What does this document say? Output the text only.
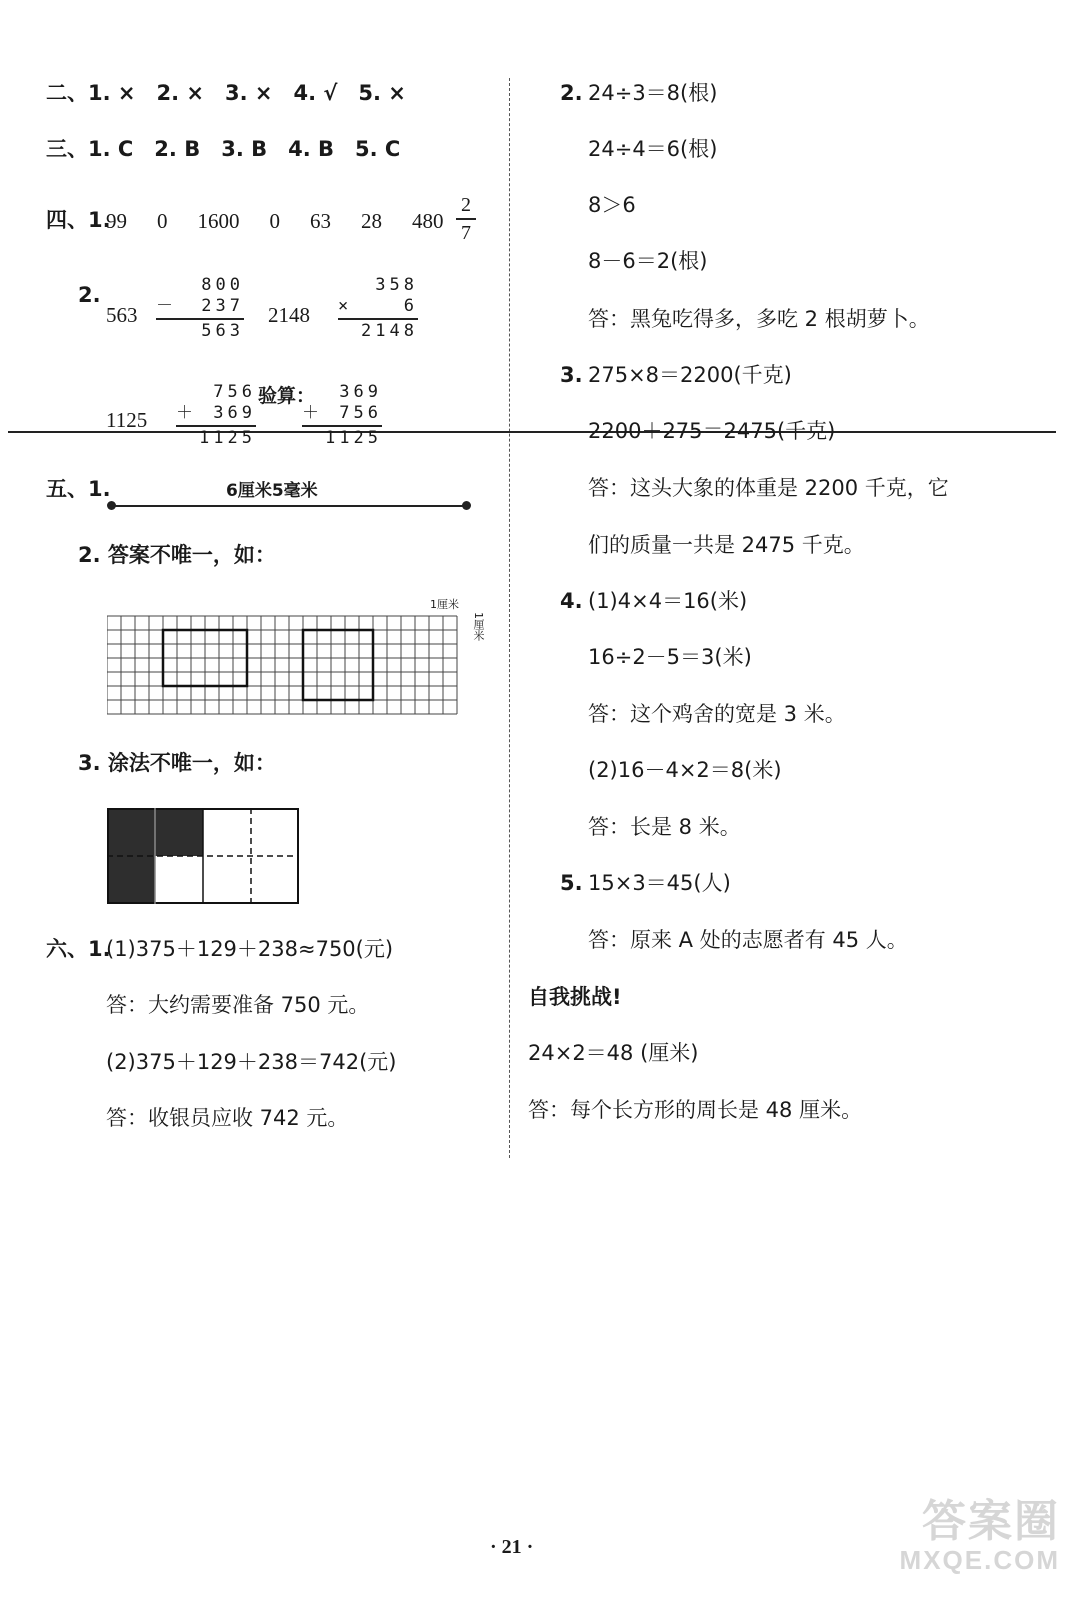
二、1. ×　2. ×　3. ×　4. √　5. ×
三、1. C　2. B　3. B　4. B　5. C
四、1.
99 0 1600 0 63 28 480
2
7
2.
563
800
－ 237
563
2148
358
×	6
2148
1125
756
＋ 369
1125
验算：	369
＋ 756
1125
五、1.	6厘米5毫米
2. 答案不唯一，如：
1厘米
1厘米
3. 涂法不唯一，如：
六、1.
(1)375＋129＋238≈750(元)
答：大约需要准备 750 元。
(2)375＋129＋238＝742(元)
答：收银员应收 742 元。
2. 24÷3＝8(根)
24÷4＝6(根)
8＞6
8－6＝2(根)
答：黑兔吃得多，多吃 2 根胡萝卜。
3. 275×8＝2200(千克)
2200＋275＝2475(千克)
答：这头大象的体重是 2200 千克，它
们的质量一共是 2475 千克。
4. (1)4×4＝16(米)
16÷2－5＝3(米)
答：这个鸡舍的宽是 3 米。
(2)16－4×2＝8(米)
答：长是 8 米。
5. 15×3＝45(人)
答：原来 A 处的志愿者有 45 人。
自我挑战!
24×2＝48 (厘米)
答：每个长方形的周长是 48 厘米。
· 21 ·
答案圈
MXQE.COM
